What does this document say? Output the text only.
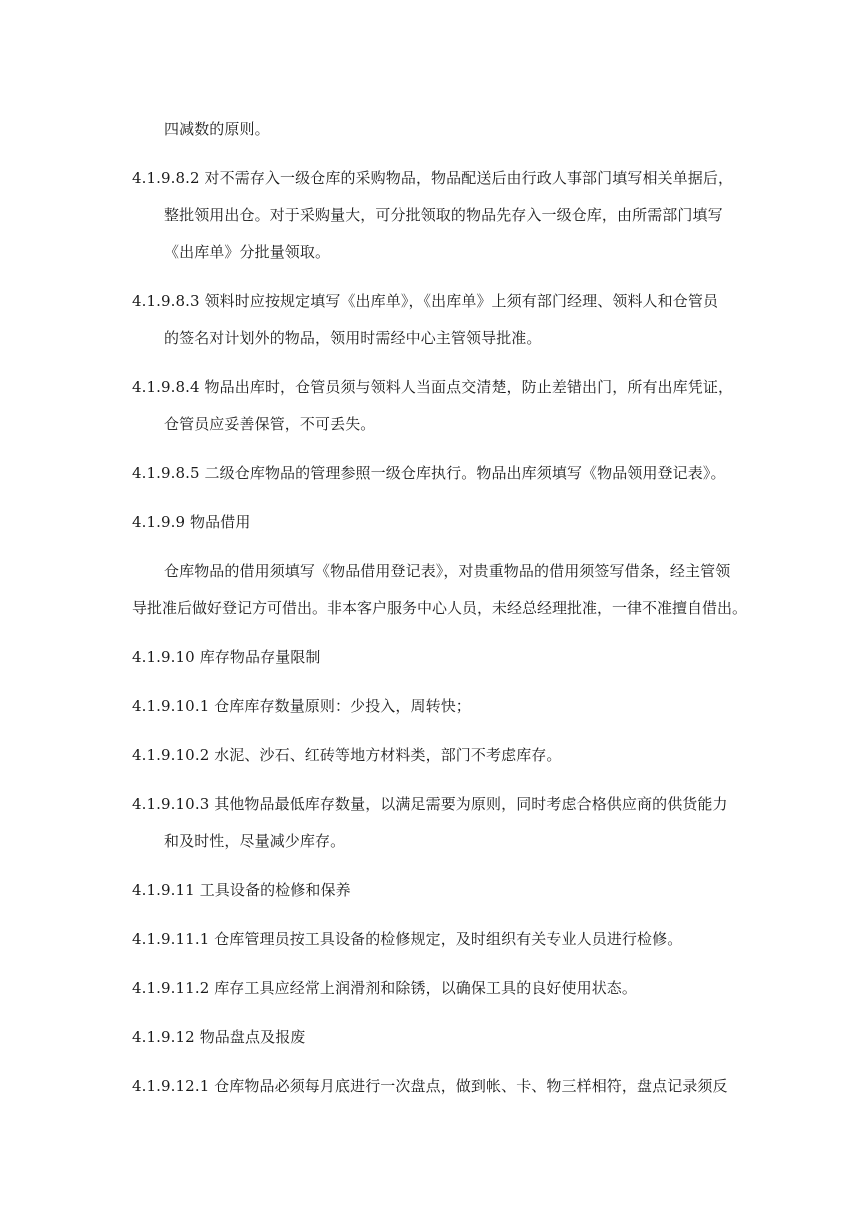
四减数的原则。
4.1.9.8.2 对不需存入一级仓库的采购物品，物品配送后由行政人事部门填写相关单据后，
整批领用出仓。对于采购量大，可分批领取的物品先存入一级仓库，由所需部门填写
《出库单》分批量领取。
4.1.9.8.3 领料时应按规定填写《出库单》，《出库单》上须有部门经理、领料人和仓管员
的签名对计划外的物品，领用时需经中心主管领导批准。
4.1.9.8.4 物品出库时，仓管员须与领料人当面点交清楚，防止差错出门，所有出库凭证，
仓管员应妥善保管，不可丢失。
4.1.9.8.5 二级仓库物品的管理参照一级仓库执行。物品出库须填写《物品领用登记表》。
4.1.9.9 物品借用
仓库物品的借用须填写《物品借用登记表》，对贵重物品的借用须签写借条，经主管领
导批准后做好登记方可借出。非本客户服务中心人员，未经总经理批准，一律不准擅自借出。
4.1.9.10 库存物品存量限制
4.1.9.10.1 仓库库存数量原则：少投入，周转快；
4.1.9.10.2 水泥、沙石、红砖等地方材料类，部门不考虑库存。
4.1.9.10.3 其他物品最低库存数量，以满足需要为原则，同时考虑合格供应商的供货能力
和及时性，尽量减少库存。
4.1.9.11 工具设备的检修和保养
4.1.9.11.1 仓库管理员按工具设备的检修规定，及时组织有关专业人员进行检修。
4.1.9.11.2 库存工具应经常上润滑剂和除锈，以确保工具的良好使用状态。
4.1.9.12 物品盘点及报废
4.1.9.12.1 仓库物品必须每月底进行一次盘点，做到帐、卡、物三样相符，盘点记录须反
